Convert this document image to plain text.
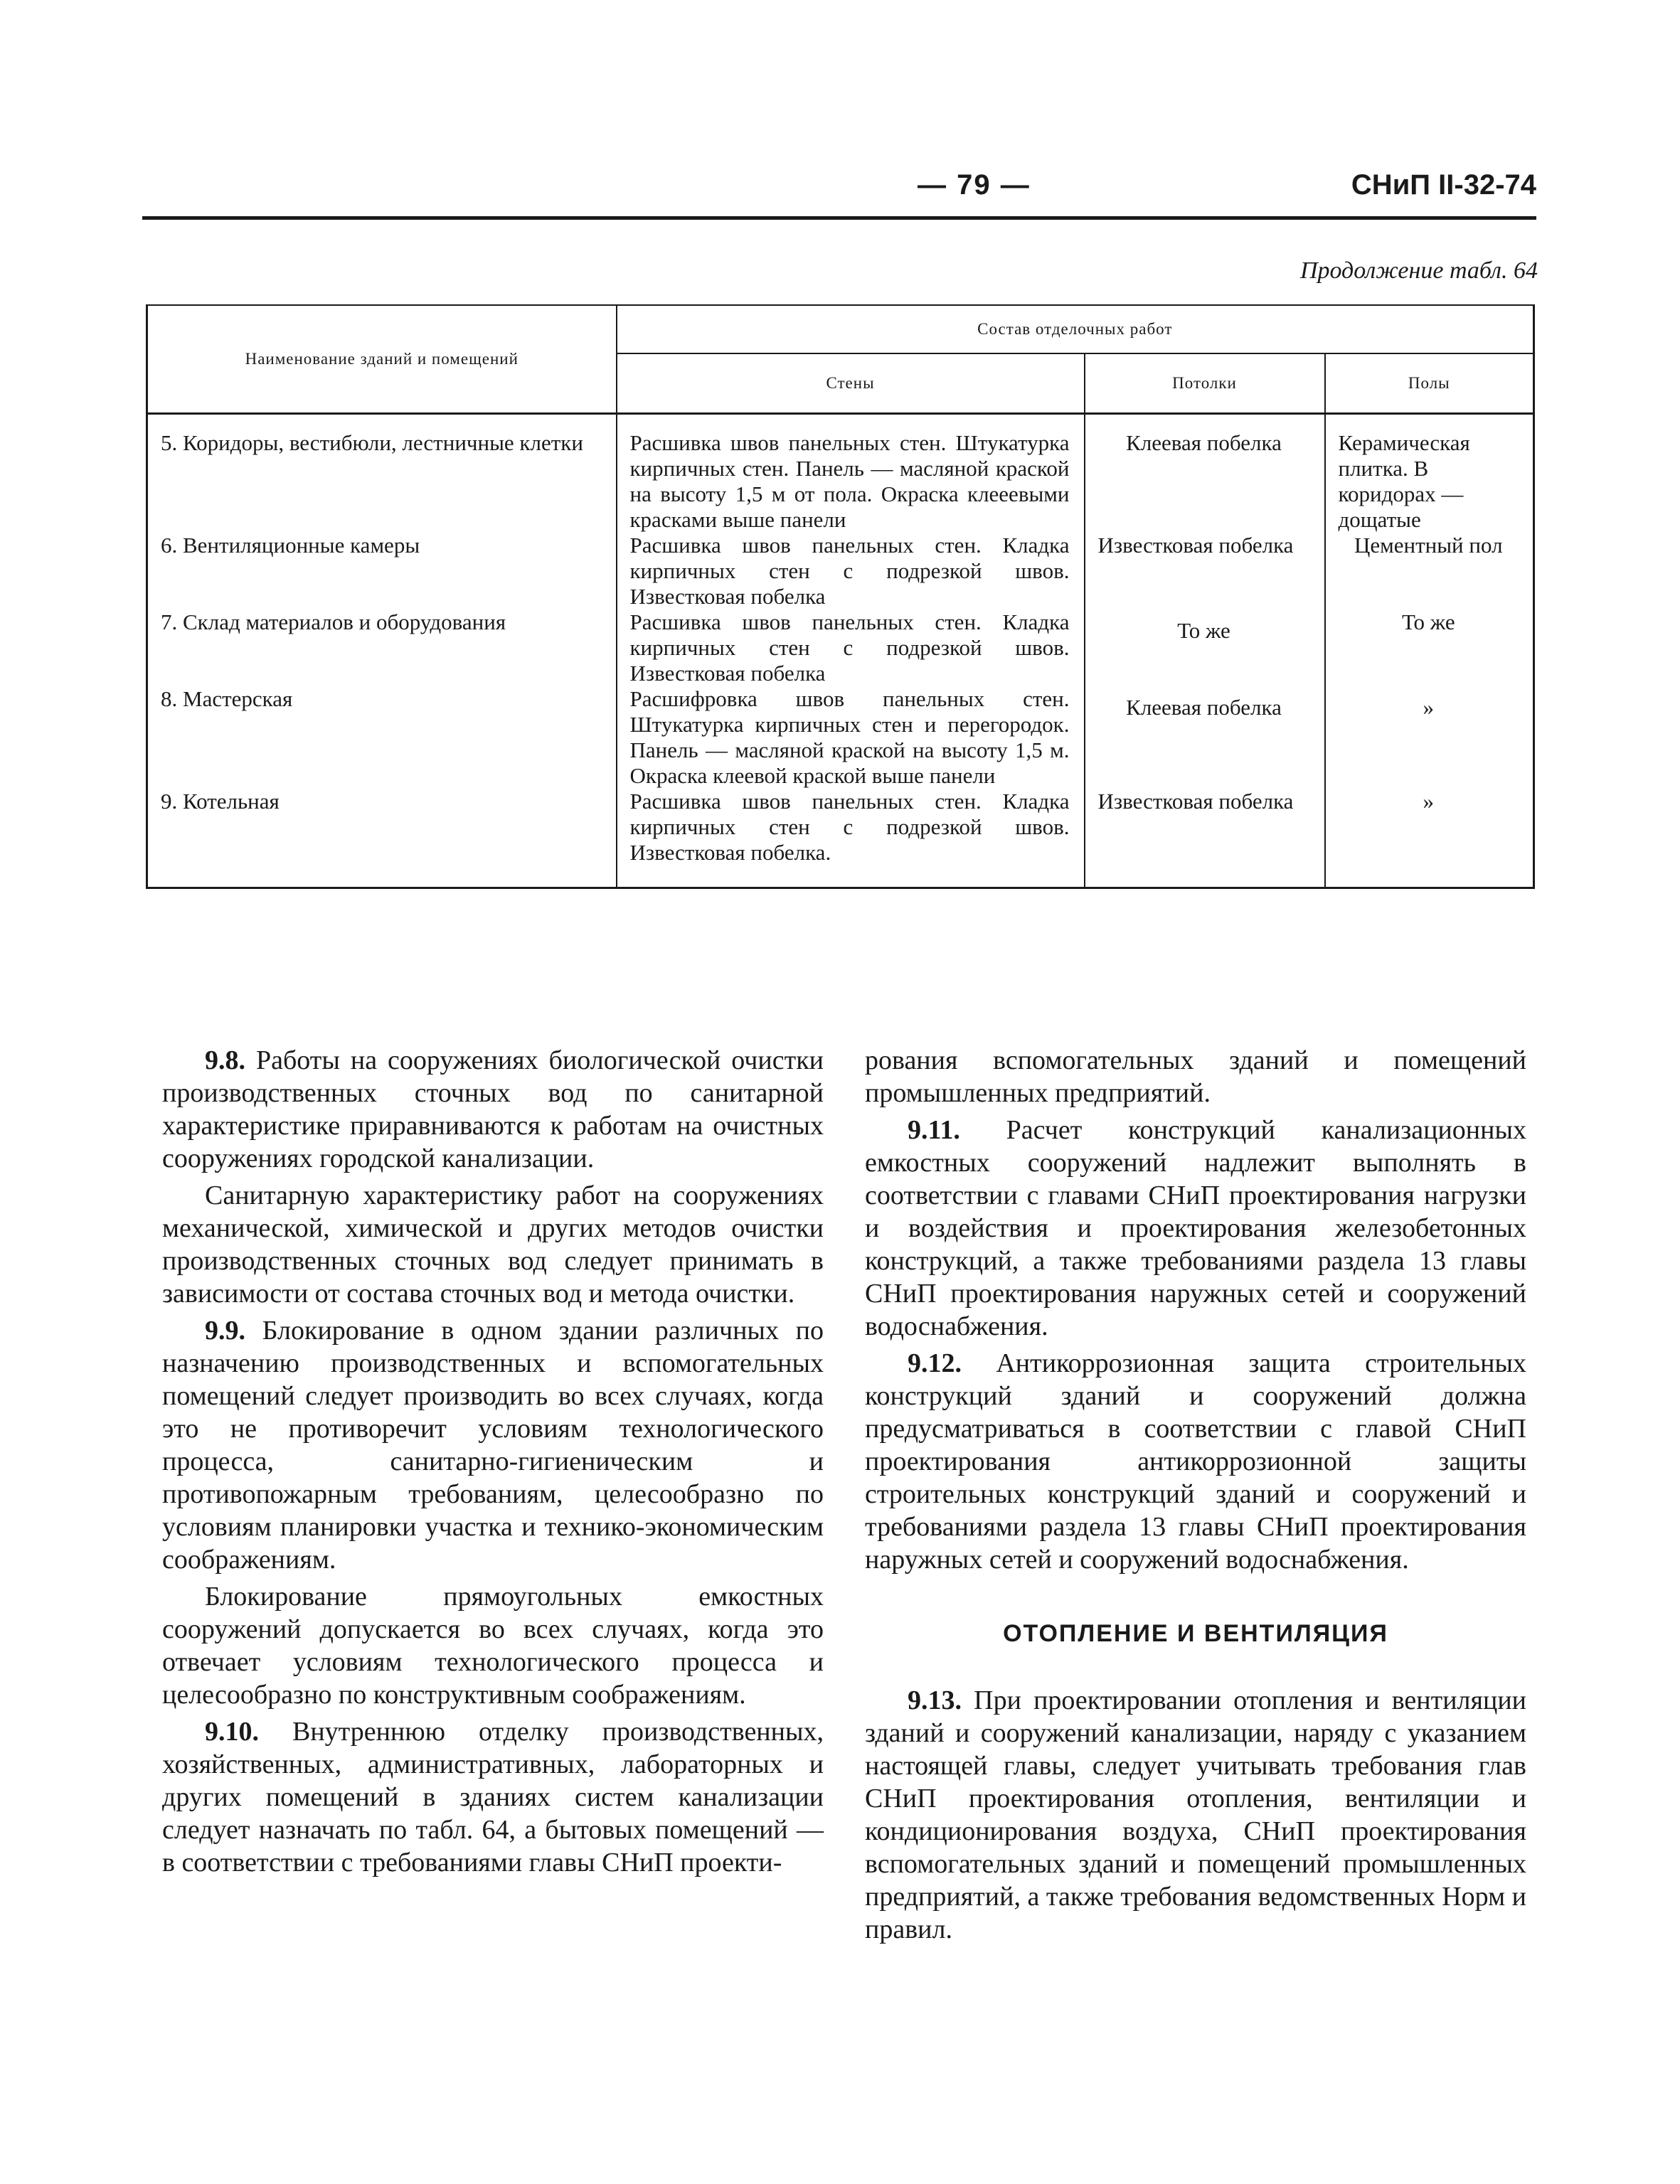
— 79 —	СНиП II-32-74
Продолжение табл. 64
Наименование зданий и помещений	Состав отделочных работ		
	Стены	Потолки	Полы
5. Коридоры, вестибюли, лестничные клетки	Расшивка швов панельных стен. Штукатурка кирпичных стен. Панель — масляной краской на высоту 1,5 м от пола. Окраска клееевыми красками выше панели	Клеевая побелка	Керамическая плитка. В коридорах — дощатые
6. Вентиляционные камеры	Расшивка швов панельных стен. Кладка кирпичных стен с подрезкой швов. Известковая побелка	Известковая побелка	Цементный пол
7. Склад материалов и оборудования	Расшивка швов панельных стен. Кладка кирпичных стен с подрезкой швов. Известковая побелка	То же	То же
8. Мастерская	Расшифровка швов панельных стен. Штукатурка кирпичных стен и перегородок. Панель — масляной краской на высоту 1,5 м. Окраска клеевой краской выше панели	Клеевая побелка	»
9. Котельная	Расшивка швов панельных стен. Кладка кирпичных стен с подрезкой швов. Известковая побелка.	Известковая побелка	»

9.8. Работы на сооружениях биологической очистки производственных сточных вод по санитарной характеристике приравниваются к работам на очистных сооружениях городской канализации.

Санитарную характеристику работ на сооружениях механической, химической и других методов очистки производственных сточных вод следует принимать в зависимости от состава сточных вод и метода очистки.

9.9. Блокирование в одном здании различных по назначению производственных и вспомогательных помещений следует производить во всех случаях, когда это не противоречит условиям технологического процесса, санитарно-гигиеническим и противопожарным требованиям, целесообразно по условиям планировки участка и технико-экономическим соображениям.

Блокирование прямоугольных емкостных сооружений допускается во всех случаях, когда это отвечает условиям технологического процесса и целесообразно по конструктивным соображениям.

9.10. Внутреннюю отделку производственных, хозяйственных, административных, лабораторных и других помещений в зданиях систем канализации следует назначать по табл. 64, а бытовых помещений — в соответствии с требованиями главы СНиП проекти-

рования вспомогательных зданий и помещений промышленных предприятий.

9.11. Расчет конструкций канализационных емкостных сооружений надлежит выполнять в соответствии с главами СНиП проектирования нагрузки и воздействия и проектирования железобетонных конструкций, а также требованиями раздела 13 главы СНиП проектирования наружных сетей и сооружений водоснабжения.

9.12. Антикоррозионная защита строительных конструкций зданий и сооружений должна предусматриваться в соответствии с главой СНиП проектирования антикоррозионной защиты строительных конструкций зданий и сооружений и требованиями раздела 13 главы СНиП проектирования наружных сетей и сооружений водоснабжения.

ОТОПЛЕНИЕ И ВЕНТИЛЯЦИЯ

9.13. При проектировании отопления и вентиляции зданий и сооружений канализации, наряду с указанием настоящей главы, следует учитывать требования глав СНиП проектирования отопления, вентиляции и кондиционирования воздуха, СНиП проектирования вспомогательных зданий и помещений промышленных предприятий, а также требования ведомственных Норм и правил.
